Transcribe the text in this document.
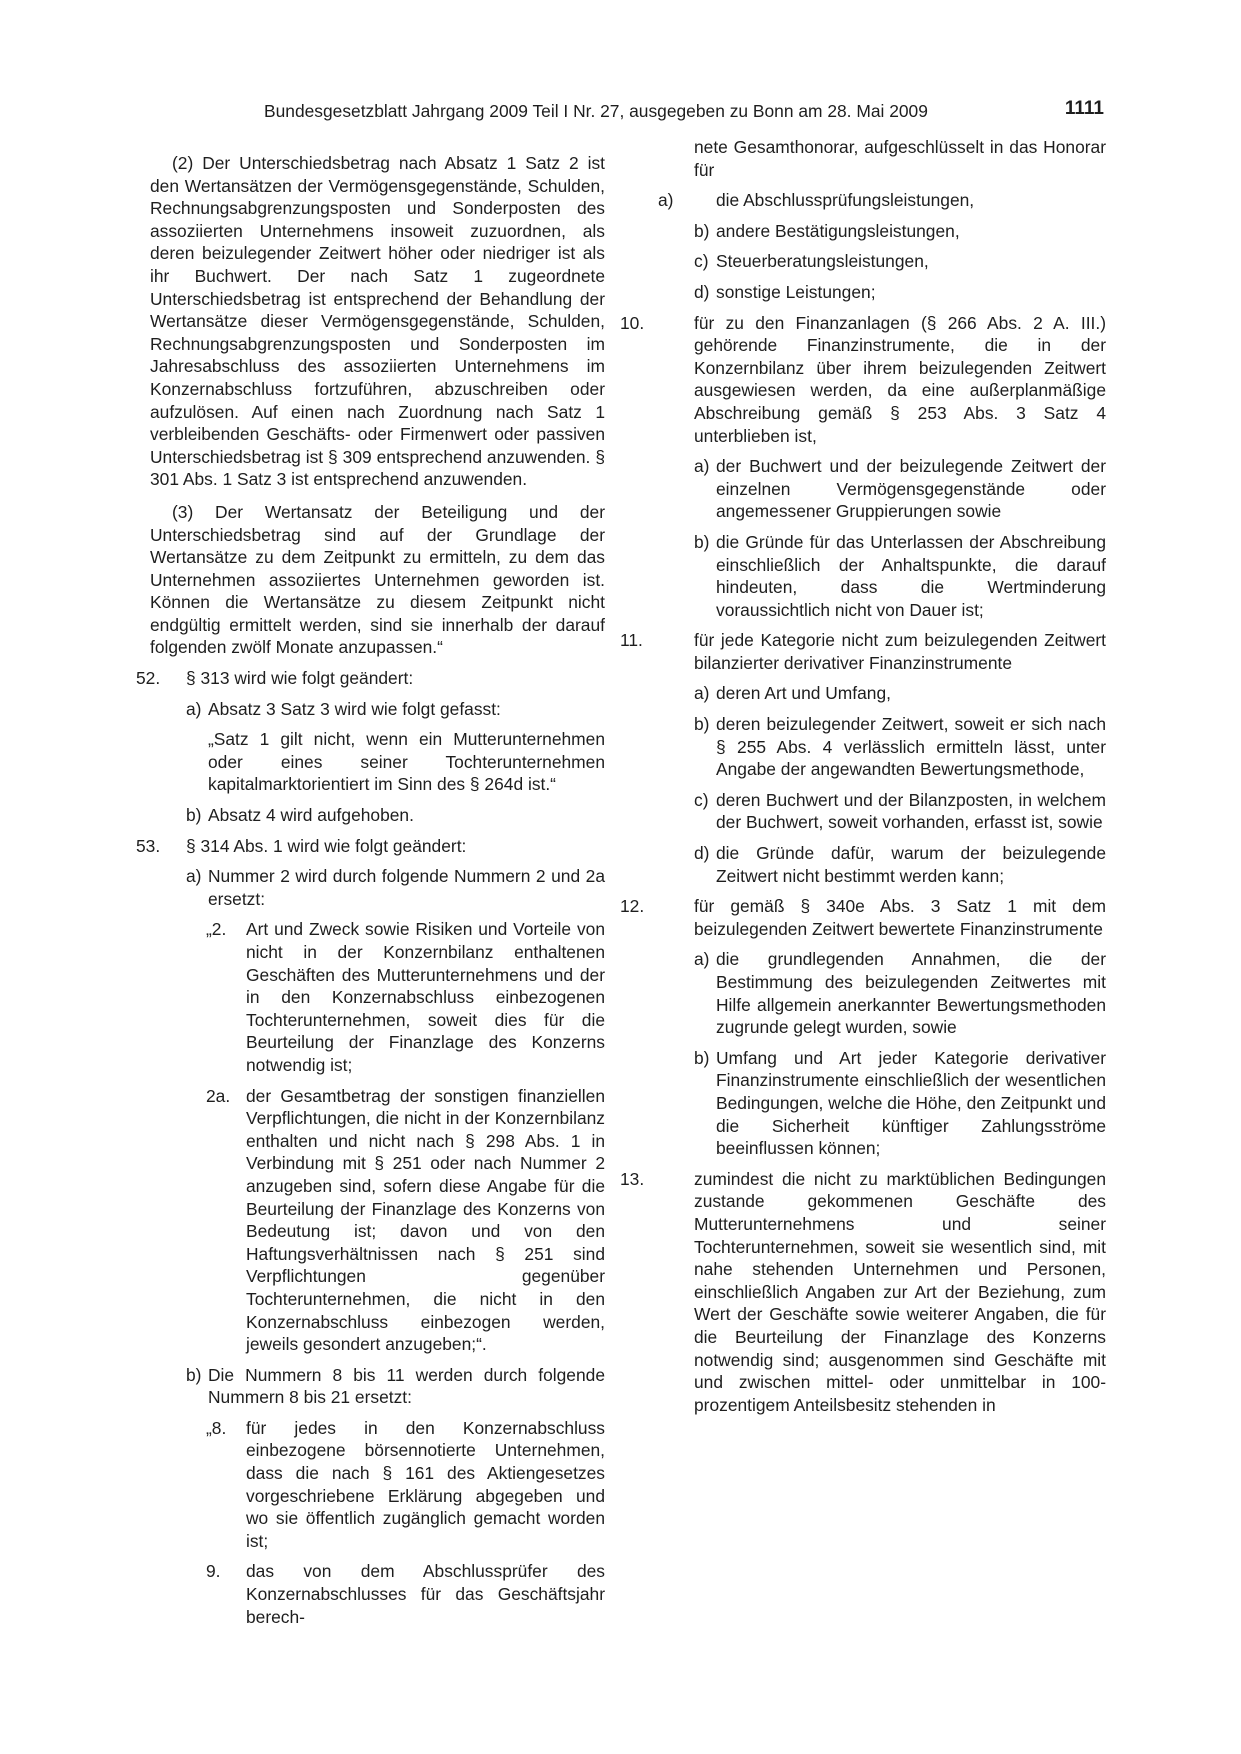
Bundesgesetzblatt Jahrgang 2009 Teil I Nr. 27, ausgegeben zu Bonn am 28. Mai 2009	1111

(2) Der Unterschiedsbetrag nach Absatz 1 Satz 2 ist den Wertansätzen der Vermögensgegenstände, Schulden, Rechnungsabgrenzungsposten und Sonderposten des assoziierten Unternehmens insoweit zuzuordnen, als deren beizulegender Zeitwert höher oder niedriger ist als ihr Buchwert. Der nach Satz 1 zugeordnete Unterschiedsbetrag ist entsprechend der Behandlung der Wertansätze dieser Vermögensgegenstände, Schulden, Rechnungsabgrenzungsposten und Sonderposten im Jahresabschluss des assoziierten Unternehmens im Konzernabschluss fortzuführen, abzuschreiben oder aufzulösen. Auf einen nach Zuordnung nach Satz 1 verbleibenden Geschäfts- oder Firmenwert oder passiven Unterschiedsbetrag ist § 309 entsprechend anzuwenden. § 301 Abs. 1 Satz 3 ist entsprechend anzuwenden.

(3) Der Wertansatz der Beteiligung und der Unterschiedsbetrag sind auf der Grundlage der Wertansätze zu dem Zeitpunkt zu ermitteln, zu dem das Unternehmen assoziiertes Unternehmen geworden ist. Können die Wertansätze zu diesem Zeitpunkt nicht endgültig ermittelt werden, sind sie innerhalb der darauf folgenden zwölf Monate anzupassen.“

52. § 313 wird wie folgt geändert:
a) Absatz 3 Satz 3 wird wie folgt gefasst:
„Satz 1 gilt nicht, wenn ein Mutterunternehmen oder eines seiner Tochterunternehmen kapitalmarktorientiert im Sinn des § 264d ist.“
b) Absatz 4 wird aufgehoben.
53. § 314 Abs. 1 wird wie folgt geändert:
a) Nummer 2 wird durch folgende Nummern 2 und 2a ersetzt:
„2. Art und Zweck sowie Risiken und Vorteile von nicht in der Konzernbilanz enthaltenen Geschäften des Mutterunternehmens und der in den Konzernabschluss einbezogenen Tochterunternehmen, soweit dies für die Beurteilung der Finanzlage des Konzerns notwendig ist;
2a. der Gesamtbetrag der sonstigen finanziellen Verpflichtungen, die nicht in der Konzernbilanz enthalten und nicht nach § 298 Abs. 1 in Verbindung mit § 251 oder nach Nummer 2 anzugeben sind, sofern diese Angabe für die Beurteilung der Finanzlage des Konzerns von Bedeutung ist; davon und von den Haftungsverhältnissen nach § 251 sind Verpflichtungen gegenüber Tochterunternehmen, die nicht in den Konzernabschluss einbezogen werden, jeweils gesondert anzugeben;“.
b) Die Nummern 8 bis 11 werden durch folgende Nummern 8 bis 21 ersetzt:
„8. für jedes in den Konzernabschluss einbezogene börsennotierte Unternehmen, dass die nach § 161 des Aktiengesetzes vorgeschriebene Erklärung abgegeben und wo sie öffentlich zugänglich gemacht worden ist;
9. das von dem Abschlussprüfer des Konzernabschlusses für das Geschäftsjahr berech-

nete Gesamthonorar, aufgeschlüsselt in das Honorar für

a) die Abschlussprüfungsleistungen,
b) andere Bestätigungsleistungen,
c) Steuerberatungsleistungen,
d) sonstige Leistungen;
10.	für zu den Finanzanlagen (§ 266 Abs. 2 A. III.) gehörende Finanzinstrumente, die in der Konzernbilanz über ihrem beizulegenden Zeitwert ausgewiesen werden, da eine außerplanmäßige Abschreibung gemäß § 253 Abs. 3 Satz 4 unterblieben ist,
a) der Buchwert und der beizulegende Zeitwert der einzelnen Vermögensgegenstände oder angemessener Gruppierungen sowie
b) die Gründe für das Unterlassen der Abschreibung einschließlich der Anhaltspunkte, die darauf hindeuten, dass die Wertminderung voraussichtlich nicht von Dauer ist;
11.	für jede Kategorie nicht zum beizulegenden Zeitwert bilanzierter derivativer Finanzinstrumente
a) deren Art und Umfang,
b) deren beizulegender Zeitwert, soweit er sich nach § 255 Abs. 4 verlässlich ermitteln lässt, unter Angabe der angewandten Bewertungsmethode,
c) deren Buchwert und der Bilanzposten, in welchem der Buchwert, soweit vorhanden, erfasst ist, sowie
d) die Gründe dafür, warum der beizulegende Zeitwert nicht bestimmt werden kann;
12.	für gemäß § 340e Abs. 3 Satz 1 mit dem beizulegenden Zeitwert bewertete Finanzinstrumente
a) die grundlegenden Annahmen, die der Bestimmung des beizulegenden Zeitwertes mit Hilfe allgemein anerkannter Bewertungsmethoden zugrunde gelegt wurden, sowie
b) Umfang und Art jeder Kategorie derivativer Finanzinstrumente einschließlich der wesentlichen Bedingungen, welche die Höhe, den Zeitpunkt und die Sicherheit künftiger Zahlungsströme beeinflussen können;
13.	zumindest die nicht zu marktüblichen Bedingungen zustande gekommenen Geschäfte des Mutterunternehmens und seiner Tochterunternehmen, soweit sie wesentlich sind, mit nahe stehenden Unternehmen und Personen, einschließlich Angaben zur Art der Beziehung, zum Wert der Geschäfte sowie weiterer Angaben, die für die Beurteilung der Finanzlage des Konzerns notwendig sind; ausgenommen sind Geschäfte mit und zwischen mittel- oder unmittelbar in 100-prozentigem Anteilsbesitz stehenden in
